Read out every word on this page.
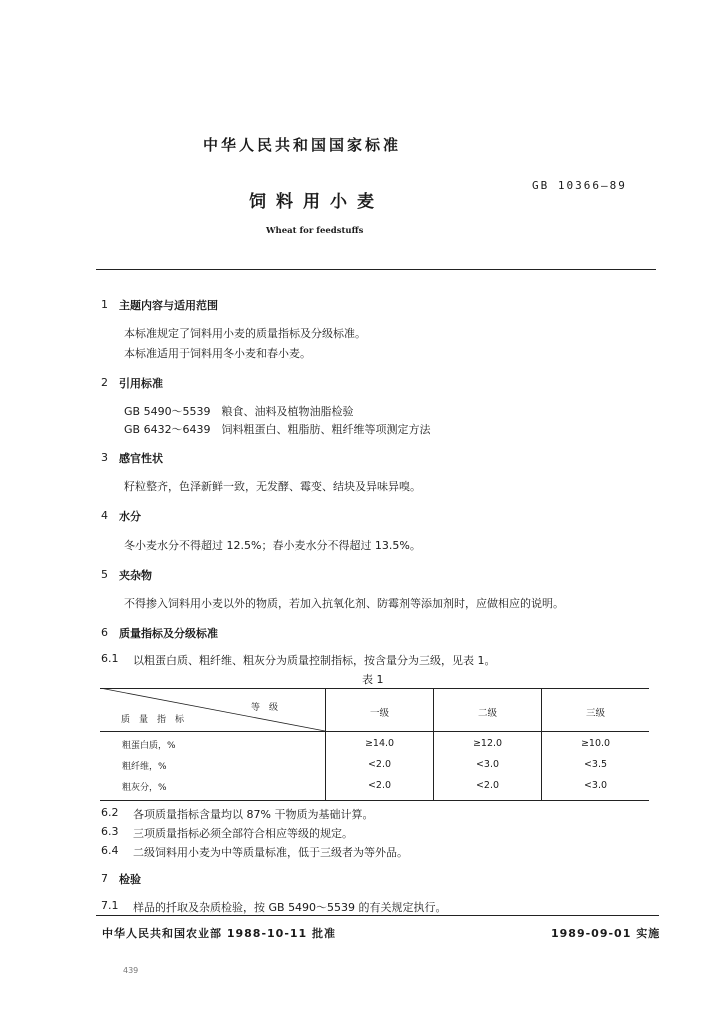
中华人民共和国国家标准
饲料用小麦
GB 10366—89
Wheat for feedstuffs
1 主题内容与适用范围
本标准规定了饲料用小麦的质量指标及分级标准。
本标准适用于饲料用冬小麦和春小麦。
2 引用标准
GB 5490～5539　粮食、油料及植物油脂检验
GB 6432～6439　饲料粗蛋白、粗脂肪、粗纤维等项测定方法
3 感官性状
籽粒整齐，色泽新鲜一致，无发酵、霉变、结块及异味异嗅。
4 水分
冬小麦水分不得超过 12.5%；春小麦水分不得超过 13.5%。
5 夹杂物
不得掺入饲料用小麦以外的物质，若加入抗氧化剂、防霉剂等添加剂时，应做相应的说明。
6 质量指标及分级标准
6.1 以粗蛋白质、粗纤维、粗灰分为质量控制指标，按含量分为三级，见表 1。
表 1
等　级
质　量　指　标
一级	二级	三级
粗蛋白质，%	≥14.0	≥12.0	≥10.0
粗纤维，%	<2.0	<3.0	<3.5
粗灰分，%	<2.0	<2.0	<3.0
6.2 各项质量指标含量均以 87% 干物质为基础计算。
6.3 三项质量指标必须全部符合相应等级的规定。
6.4 二级饲料用小麦为中等质量标准，低于三级者为等外品。
7 检验
7.1 样品的扦取及杂质检验，按 GB 5490～5539 的有关规定执行。
中华人民共和国农业部 1988-10-11 批准	1989-09-01 实施
439
